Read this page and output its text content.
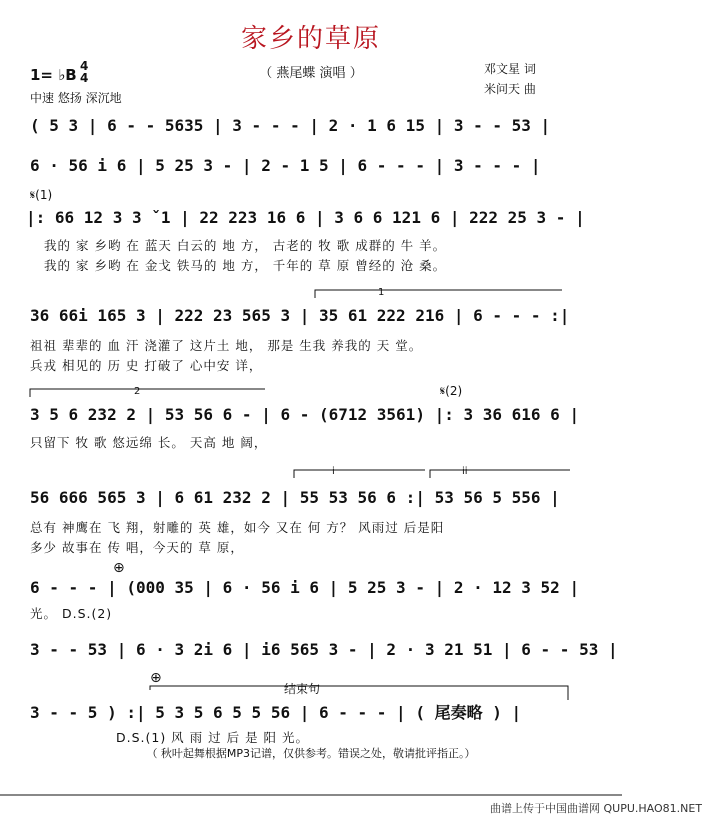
家乡的草原
（ 燕尾蝶 演唱 ）	邓文星 词
米问天 曲
1= ♭B 4
4
中速 悠扬 深沉地
( 5 3 | 6 - - 5635 | 3 - - - | 2 · 1 6 15 | 3 - - 53 |
6 · 56 i 6 | 5 25 3 - | 2 - 1 5 | 6 - - - | 3 - - - |
𝄋(1)
|: 66 12 3 3 ˇ1 | 22 223 16 6 | 3 6 6 121 6 | 222 25 3 - |
我的 家 乡哟 在 蓝天 白云的 地 方， 古老的 牧 歌 成群的 牛 羊。
我的 家 乡哟 在 金戈 铁马的 地 方， 千年的 草 原 曾经的 沧 桑。
1
36 66i 165 3 | 222 23 565 3 | 35 61 222 216 | 6 - - - :|
祖祖 辈辈的 血 汗 浇灌了 这片土 地， 那是 生我 养我的 天 堂。
兵戎 相见的 历 史 打破了 心中安 详，
2	𝄋(2)
3 5 6 232 2 | 53 56 6 - | 6 - (6712 3561) |: 3 36 616 6 |
只留下 牧 歌 悠远绵 长。 天高 地 阔，
i	ii
56 666 565 3 | 6 61 232 2 | 55 53 56 6 :| 53 56 5 556 |
总有 神鹰在 飞 翔，射雕的 英 雄，如今 又在 何 方？ 风雨过 后是阳
多少 故事在 传 唱，今天的 草 原，
⊕
6 - - - | (000 35 | 6 · 56 i 6 | 5 25 3 - | 2 · 12 3 52 |
光。 D.S.(2)
3 - - 53 | 6 · 3 2i 6 | i6 565 3 - | 2 · 3 21 51 | 6 - - 53 |
⊕
结束句
3 - - 5 ) :| 5 3 5 6 5 5 56 | 6 - - - | ( 尾奏略 ) |
D.S.(1) 风 雨 过 后 是 阳 光。
（ 秋叶起舞根据MP3记谱，仅供参考。错误之处，敬请批评指正。）
曲谱上传于中国曲谱网 QUPU.HAO81.NET
